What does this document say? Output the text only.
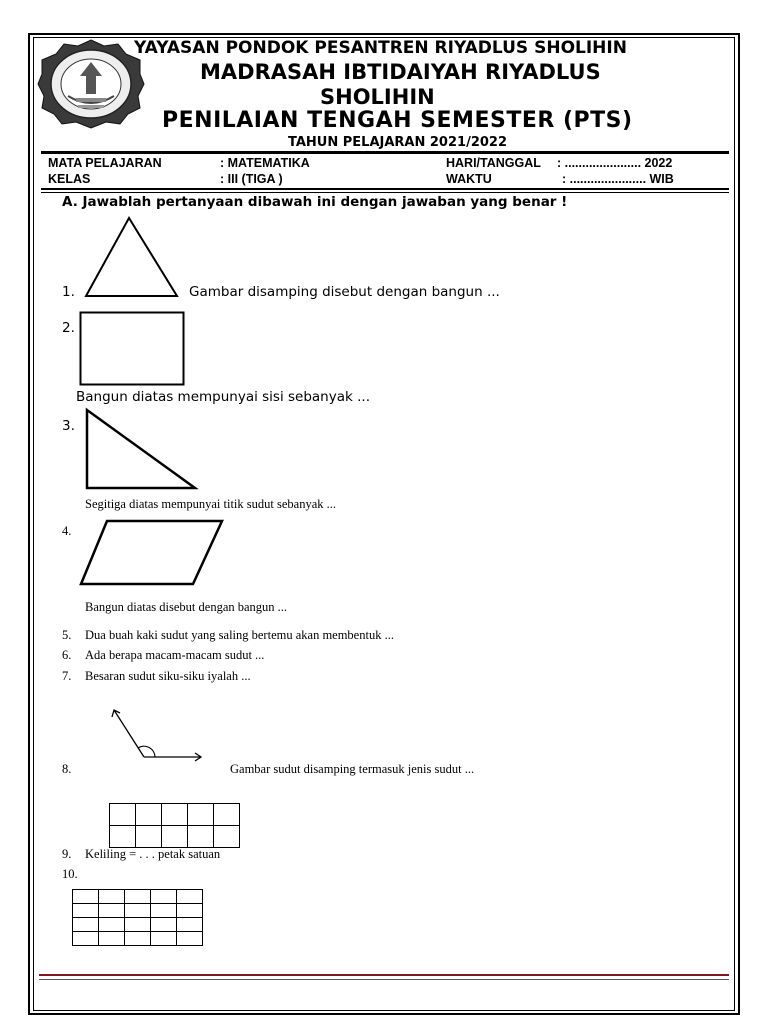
YAYASAN PONDOK PESANTREN RIYADLUS SHOLIHIN
MADRASAH IBTIDAIYAH RIYADLUS
SHOLIHIN
PENILAIAN TENGAH SEMESTER (PTS)
TAHUN PELAJARAN 2021/2022
MATA PELAJARAN	: MATEMATIKA	HARI/TANGGAL : ...................... 2022
KELAS	: III (TIGA )	WAKTU	: ...................... WIB
A. Jawablah pertanyaan dibawah ini dengan jawaban yang benar !
1.	Gambar disamping disebut dengan bangun ...
2.
Bangun diatas mempunyai sisi sebanyak ...
3.
Segitiga diatas mempunyai titik sudut sebanyak ...
4.
Bangun diatas disebut dengan bangun ...
5. Dua buah kaki sudut yang saling bertemu akan membentuk ...
6. Ada berapa macam-macam sudut ...
7. Besaran sudut siku-siku iyalah ...
8.	Gambar sudut disamping termasuk jenis sudut ...

9. Keliling = . . . petak satuan
10.
